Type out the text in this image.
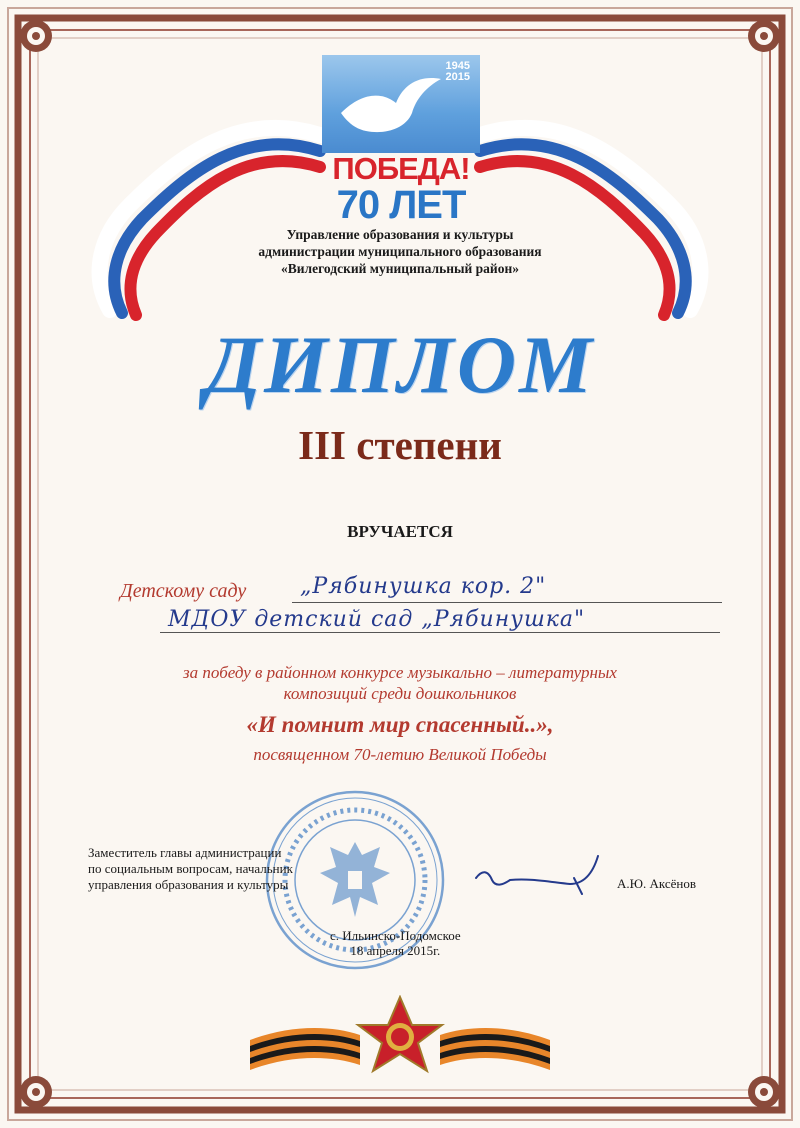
1945
2015
ПОБЕДА!
70 ЛЕТ
Управление образования и культуры
администрации муниципального образования
«Вилегодский муниципальный район»
ДИПЛОМ
III степени
ВРУЧАЕТСЯ
Детскому саду „Рябинушка кор. 2"
МДОУ детский сад „Рябинушка"
за победу в районном конкурсе музыкально – литературных
композиций среди дошкольников
«И помнит мир спасенный..»,
посвященном 70-летию Великой Победы
Заместитель главы администрации
по социальным вопросам, начальник
управления образования и культуры	А.Ю. Аксёнов
с. Ильинско-Подомское
18 апреля 2015г.
